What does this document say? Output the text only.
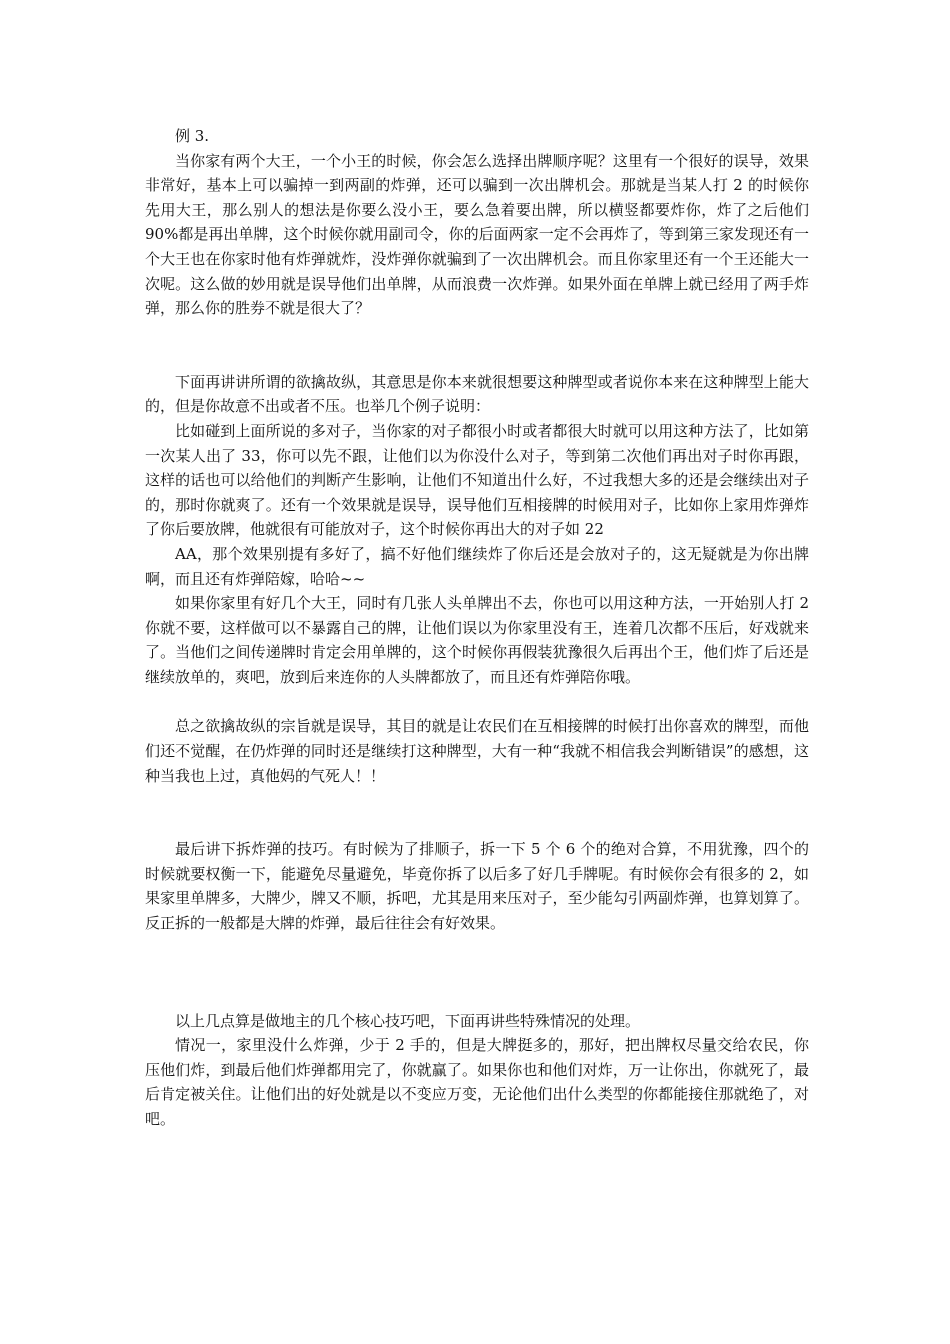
例 3.

当你家有两个大王，一个小王的时候，你会怎么选择出牌顺序呢？这里有一个很好的误导，效果非常好，基本上可以骗掉一到两副的炸弹，还可以骗到一次出牌机会。那就是当某人打 2 的时候你先用大王，那么别人的想法是你要么没小王，要么急着要出牌，所以横竖都要炸你，炸了之后他们 90%都是再出单牌，这个时候你就用副司令，你的后面两家一定不会再炸了，等到第三家发现还有一个大王也在你家时他有炸弹就炸，没炸弹你就骗到了一次出牌机会。而且你家里还有一个王还能大一次呢。这么做的妙用就是误导他们出单牌，从而浪费一次炸弹。如果外面在单牌上就已经用了两手炸弹，那么你的胜券不就是很大了？

下面再讲讲所谓的欲擒故纵，其意思是你本来就很想要这种牌型或者说你本来在这种牌型上能大的，但是你故意不出或者不压。也举几个例子说明：

比如碰到上面所说的多对子，当你家的对子都很小时或者都很大时就可以用这种方法了，比如第一次某人出了 33，你可以先不跟，让他们以为你没什么对子，等到第二次他们再出对子时你再跟，这样的话也可以给他们的判断产生影响，让他们不知道出什么好，不过我想大多的还是会继续出对子的，那时你就爽了。还有一个效果就是误导，误导他们互相接牌的时候用对子，比如你上家用炸弹炸了你后要放牌，他就很有可能放对子，这个时候你再出大的对子如 22

AA，那个效果别提有多好了，搞不好他们继续炸了你后还是会放对子的，这无疑就是为你出牌啊，而且还有炸弹陪嫁，哈哈~~

如果你家里有好几个大王，同时有几张人头单牌出不去，你也可以用这种方法，一开始别人打 2 你就不要，这样做可以不暴露自己的牌，让他们误以为你家里没有王，连着几次都不压后，好戏就来了。当他们之间传递牌时肯定会用单牌的，这个时候你再假装犹豫很久后再出个王，他们炸了后还是继续放单的，爽吧，放到后来连你的人头牌都放了，而且还有炸弹陪你哦。

总之欲擒故纵的宗旨就是误导，其目的就是让农民们在互相接牌的时候打出你喜欢的牌型，而他们还不觉醒，在仍炸弹的同时还是继续打这种牌型，大有一种“我就不相信我会判断错误”的感想，这种当我也上过，真他妈的气死人！！

最后讲下拆炸弹的技巧。有时候为了排顺子，拆一下 5 个 6 个的绝对合算，不用犹豫，四个的时候就要权衡一下，能避免尽量避免，毕竟你拆了以后多了好几手牌呢。有时候你会有很多的 2，如果家里单牌多，大牌少，牌又不顺，拆吧，尤其是用来压对子，至少能勾引两副炸弹，也算划算了。反正拆的一般都是大牌的炸弹，最后往往会有好效果。

以上几点算是做地主的几个核心技巧吧，下面再讲些特殊情况的处理。

情况一，家里没什么炸弹，少于 2 手的，但是大牌挺多的，那好，把出牌权尽量交给农民，你压他们炸，到最后他们炸弹都用完了，你就赢了。如果你也和他们对炸，万一让你出，你就死了，最后肯定被关住。让他们出的好处就是以不变应万变，无论他们出什么类型的你都能接住那就绝了，对吧。
